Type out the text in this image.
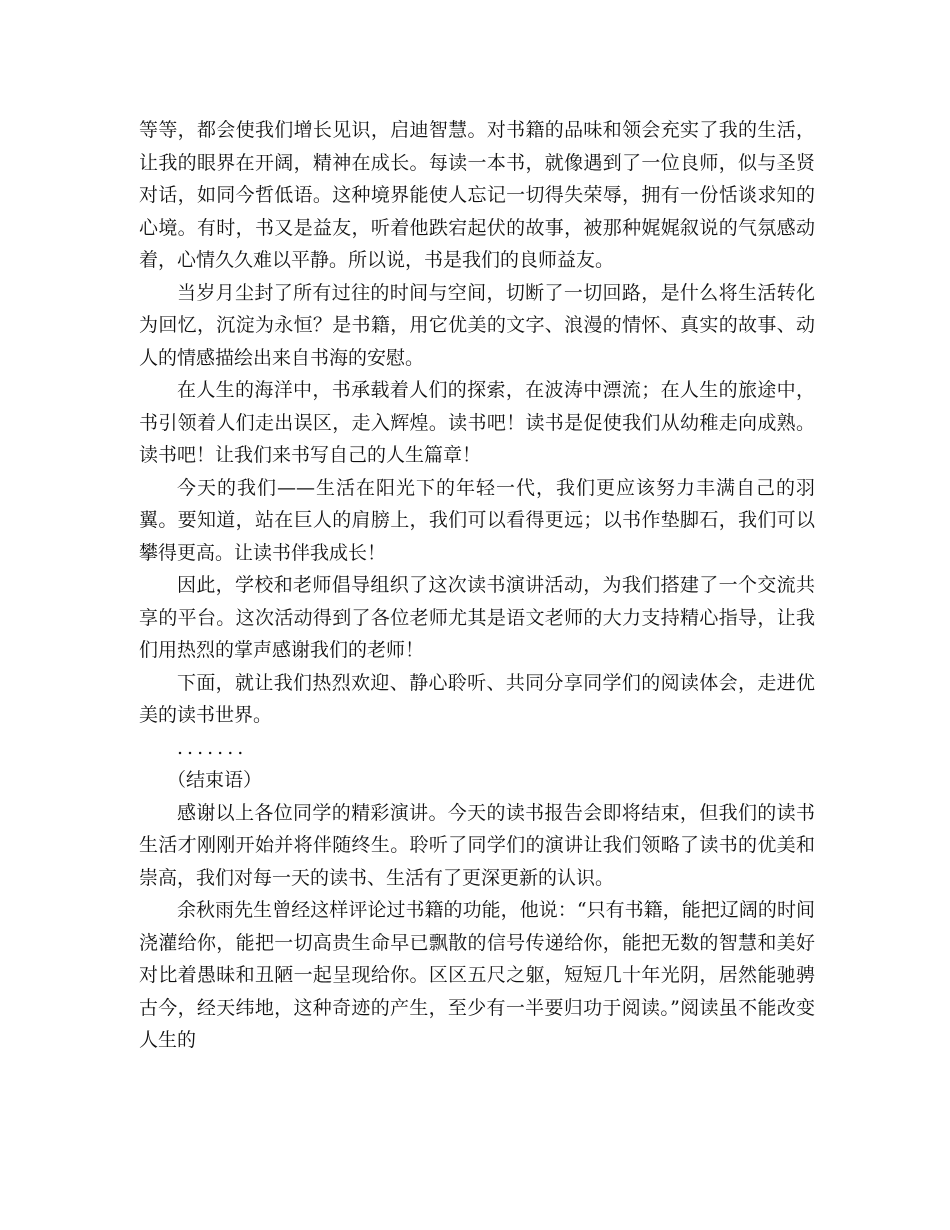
等等，都会使我们增长见识，启迪智慧。对书籍的品味和领会充实了我的生活，让我的眼界在开阔，精神在成长。每读一本书，就像遇到了一位良师，似与圣贤对话，如同今哲低语。这种境界能使人忘记一切得失荣辱，拥有一份恬谈求知的心境。有时，书又是益友，听着他跌宕起伏的故事，被那种娓娓叙说的气氛感动着，心情久久难以平静。所以说，书是我们的良师益友。

当岁月尘封了所有过往的时间与空间，切断了一切回路，是什么将生活转化为回忆，沉淀为永恒？是书籍，用它优美的文字、浪漫的情怀、真实的故事、动人的情感描绘出来自书海的安慰。

在人生的海洋中，书承载着人们的探索，在波涛中漂流；在人生的旅途中，书引领着人们走出误区，走入辉煌。读书吧！读书是促使我们从幼稚走向成熟。读书吧！让我们来书写自己的人生篇章！

今天的我们——生活在阳光下的年轻一代，我们更应该努力丰满自己的羽翼。要知道，站在巨人的肩膀上，我们可以看得更远；以书作垫脚石，我们可以攀得更高。让读书伴我成长！

因此，学校和老师倡导组织了这次读书演讲活动，为我们搭建了一个交流共享的平台。这次活动得到了各位老师尤其是语文老师的大力支持精心指导，让我们用热烈的掌声感谢我们的老师！

下面，就让我们热烈欢迎、静心聆听、共同分享同学们的阅读体会，走进优美的读书世界。

.......

（结束语）

感谢以上各位同学的精彩演讲。今天的读书报告会即将结束，但我们的读书生活才刚刚开始并将伴随终生。聆听了同学们的演讲让我们领略了读书的优美和崇高，我们对每一天的读书、生活有了更深更新的认识。

余秋雨先生曾经这样评论过书籍的功能，他说：“只有书籍，能把辽阔的时间浇灌给你，能把一切高贵生命早已飘散的信号传递给你，能把无数的智慧和美好对比着愚昧和丑陋一起呈现给你。区区五尺之躯，短短几十年光阴，居然能驰骋古今，经天纬地，这种奇迹的产生，至少有一半要归功于阅读。”阅读虽不能改变人生的
